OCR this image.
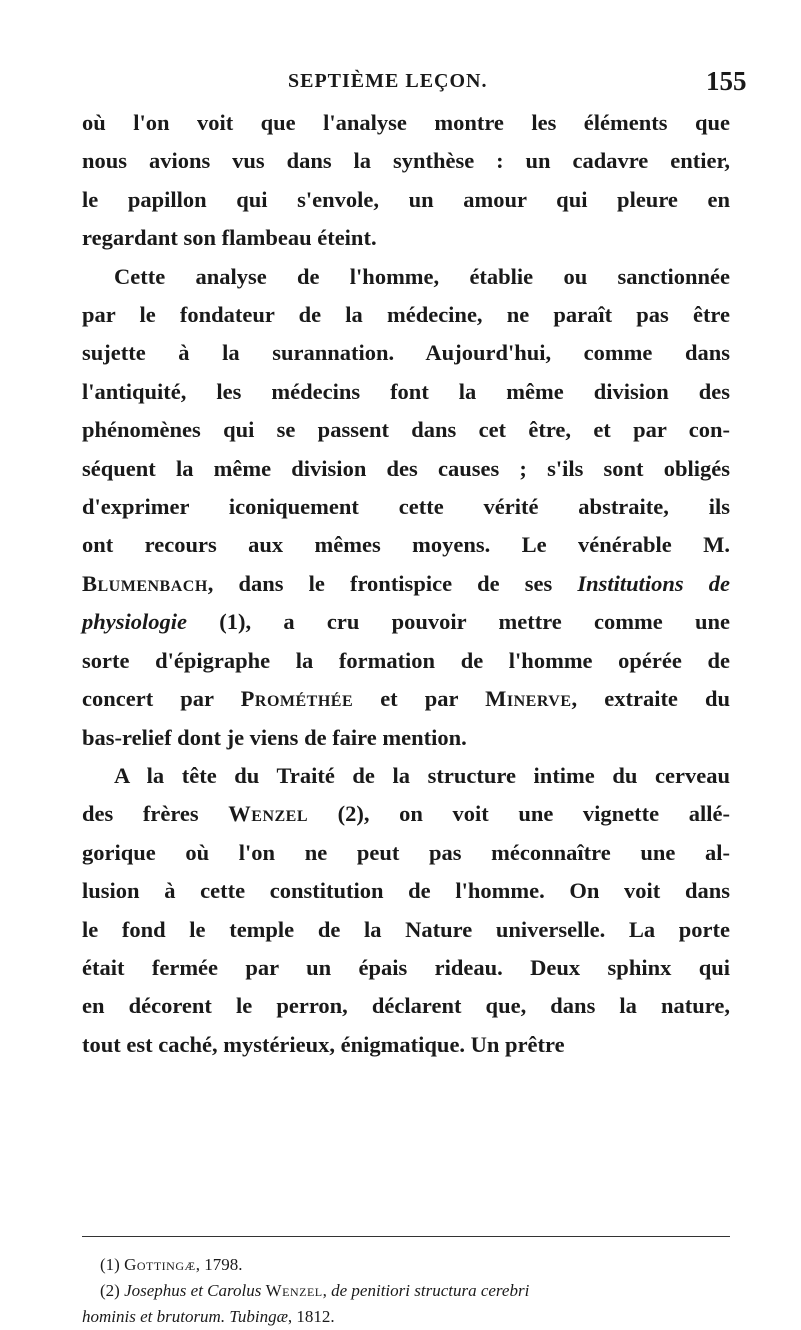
SEPTIÈME LEÇON.	155

où l'on voit que l'analyse montre les éléments que
nous avions vus dans la synthèse : un cadavre entier,
le papillon qui s'envole, un amour qui pleure en
regardant son flambeau éteint.

Cette analyse de l'homme, établie ou sanctionnée
par le fondateur de la médecine, ne paraît pas être
sujette à la surannation. Aujourd'hui, comme dans
l'antiquité, les médecins font la même division des
phénomènes qui se passent dans cet être, et par con-
séquent la même division des causes ; s'ils sont obligés
d'exprimer iconiquement cette vérité abstraite, ils
ont recours aux mêmes moyens. Le vénérable M.
Blumenbach, dans le frontispice de ses Institutions de
physiologie (1), a cru pouvoir mettre comme une
sorte d'épigraphe la formation de l'homme opérée de
concert par Prométhée et par Minerve, extraite du
bas-relief dont je viens de faire mention.

A la tête du Traité de la structure intime du cerveau
des frères Wenzel (2), on voit une vignette allé-
gorique où l'on ne peut pas méconnaître une al-
lusion à cette constitution de l'homme. On voit dans
le fond le temple de la Nature universelle. La porte
était fermée par un épais rideau. Deux sphinx qui
en décorent le perron, déclarent que, dans la nature,
tout est caché, mystérieux, énigmatique. Un prêtre

(1) Gottingæ, 1798.
(2) Josephus et Carolus Wenzel, de penitiori structura cerebri
hominis et brutorum. Tubingæ, 1812.
